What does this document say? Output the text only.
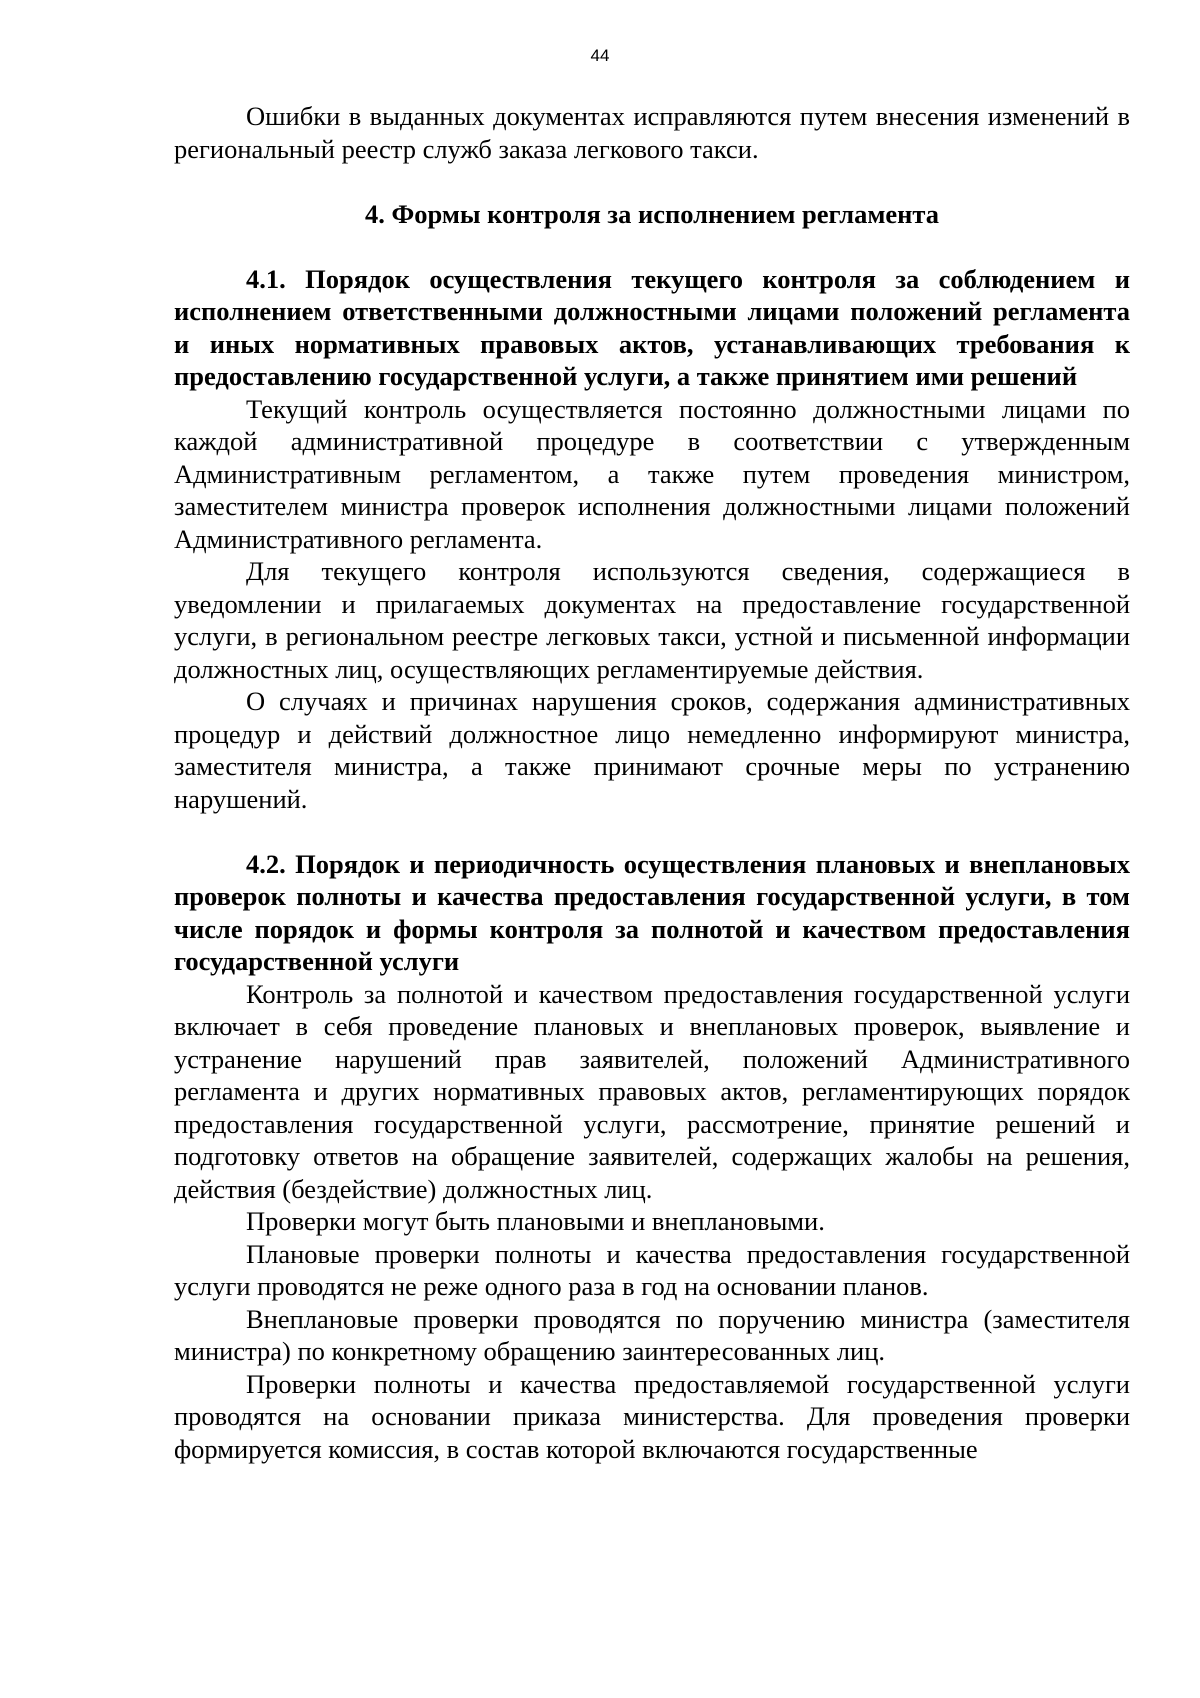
44

Ошибки в выданных документах исправляются путем внесения изменений в региональный реестр служб заказа легкового такси.

4. Формы контроля за исполнением регламента

4.1. Порядок осуществления текущего контроля за соблюдением и исполнением ответственными должностными лицами положений регламента и иных нормативных правовых актов, устанавливающих требования к предоставлению государственной услуги, а также принятием ими решений

Текущий контроль осуществляется постоянно должностными лицами по каждой административной процедуре в соответствии с утвержденным Административным регламентом, а также путем проведения министром, заместителем министра проверок исполнения должностными лицами положений Административного регламента.

Для текущего контроля используются сведения, содержащиеся в уведомлении и прилагаемых документах на предоставление государственной услуги, в региональном реестре легковых такси, устной и письменной информации должностных лиц, осуществляющих регламентируемые действия.

О случаях и причинах нарушения сроков, содержания административных процедур и действий должностное лицо немедленно информируют министра, заместителя министра, а также принимают срочные меры по устранению нарушений.

4.2. Порядок и периодичность осуществления плановых и внеплановых проверок полноты и качества предоставления государственной услуги, в том числе порядок и формы контроля за полнотой и качеством предоставления государственной услуги

Контроль за полнотой и качеством предоставления государственной услуги включает в себя проведение плановых и внеплановых проверок, выявление и устранение нарушений прав заявителей, положений Административного регламента и других нормативных правовых актов, регламентирующих порядок предоставления государственной услуги, рассмотрение, принятие решений и подготовку ответов на обращение заявителей, содержащих жалобы на решения, действия (бездействие) должностных лиц.

Проверки могут быть плановыми и внеплановыми.

Плановые проверки полноты и качества предоставления государственной услуги проводятся не реже одного раза в год на основании планов.

Внеплановые проверки проводятся по поручению министра (заместителя министра) по конкретному обращению заинтересованных лиц.

Проверки полноты и качества предоставляемой государственной услуги проводятся на основании приказа министерства. Для проведения проверки формируется комиссия, в состав которой включаются государственные
